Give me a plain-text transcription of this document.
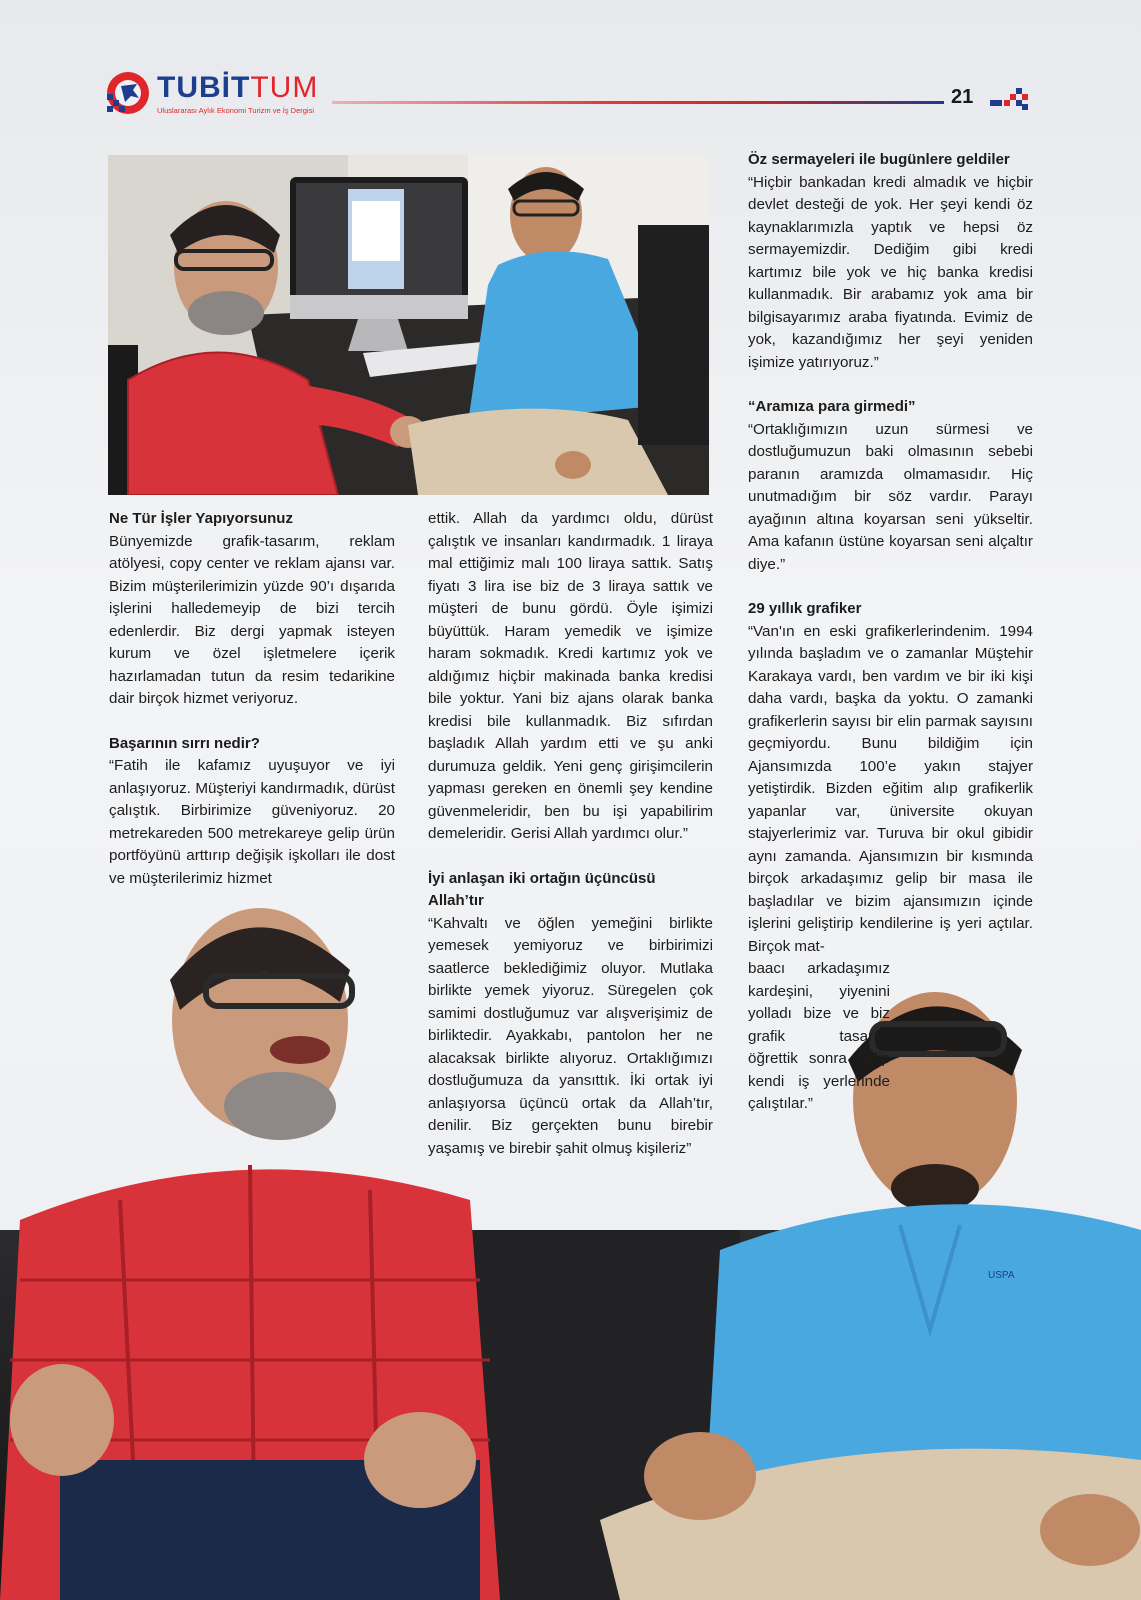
TUBİTTUM
Uluslararası Aylık Ekonomi Turizm ve İş Dergisi
21
USPA
Ne Tür İşler Yapıyorsunuz

Bünyemizde grafik-tasarım, reklam atölyesi, copy center ve reklam ajansı var. Bizim müşterilerimizin yüzde 90’ı dışarıda işlerini halledemeyip de bizi tercih edenlerdir. Biz dergi yapmak isteyen kurum ve özel işletmelere içerik hazırlamadan tutun da resim tedarikine dair birçok hizmet veriyoruz.

Başarının sırrı nedir?

“Fatih ile kafamız uyuşuyor ve iyi anlaşıyoruz. Müşteriyi kandırmadık, dürüst çalıştık. Birbirimize güveniyoruz. 20 metrekareden 500 metrekareye gelip ürün portföyünü arttırıp değişik işkolları ile dost ve müşterilerimiz hizmet

ettik. Allah da yardımcı oldu, dürüst çalıştık ve insanları kandırmadık. 1 liraya mal ettiğimiz malı 100 liraya sattık. Satış fiyatı 3 lira ise biz de 3 liraya sattık ve müşteri de bunu gördü. Öyle işimizi büyüttük. Haram yemedik ve işimize haram sokmadık. Kredi kartımız yok ve aldığımız hiçbir makinada banka kredisi bile yoktur. Yani biz ajans olarak banka kredisi bile kullanmadık. Biz sıfırdan başladık Allah yardım etti ve şu anki durumuza geldik. Yeni genç girişimcilerin yapması gereken en önemli şey kendine güvenmeleridir, ben bu işi yapabilirim demeleridir. Gerisi Allah yardımcı olur.”

İyi anlaşan iki ortağın üçüncüsü Allah’tır

“Kahvaltı ve öğlen yemeğini birlikte yemesek yemiyoruz ve birbirimizi saatlerce beklediğimiz oluyor. Mutlaka birlikte yemek yiyoruz. Süregelen çok samimi dostluğumuz var alışverişimiz de birliktedir. Ayakkabı, pantolon her ne alacaksak birlikte alıyoruz. Ortaklığımızı dostluğumuza da yansıttık. İki ortak iyi anlaşıyorsa üçüncü ortak da Allah’tır, denilir. Biz gerçekten bunu birebir yaşamış ve birebir şahit olmuş kişileriz”

Öz sermayeleri ile bugünlere geldiler

“Hiçbir bankadan kredi almadık ve hiçbir devlet desteği de yok. Her şeyi kendi öz kaynaklarımızla yaptık ve hepsi öz sermayemizdir. Dediğim gibi kredi kartımız bile yok ve hiç banka kredisi kullanmadık. Bir arabamız yok ama bir bilgisayarımız araba fiyatında. Evimiz de yok, kazandığımız her şeyi yeniden işimize yatırıyoruz.”

“Aramıza para girmedi”

“Ortaklığımızın uzun sürmesi ve dostluğumuzun baki olmasının sebebi paranın aramızda olmamasıdır. Hiç unutmadığım bir söz vardır. Parayı ayağının altına koyarsan seni yükseltir. Ama kafanın üstüne koyarsan seni alçaltır diye.”

29 yıllık grafiker

“Van'ın en eski grafikerlerindenim. 1994 yılında başladım ve o zamanlar Müştehir Karakaya vardı, ben vardım ve bir iki kişi daha vardı, başka da yoktu. O zamanki grafikerlerin sayısı bir elin parmak sayısını geçmiyordu. Bunu bildiğim için Ajansımızda 100’e yakın stajyer yetiştirdik. Bizden eğitim alıp grafikerlik yapanlar var, üniversite okuyan stajyerlerimiz var. Turuva bir okul gibidir aynı zamanda. Ajansımızın bir kısmında birçok arkadaşımız gelip bir masa ile başladılar ve bizim ajansımızın içinde işlerini geliştirip kendilerine iş yeri açtılar. Birçok mat-

baacı arkadaşımız kardeşini, yiyenini yolladı bize ve biz grafik tasarım öğrettik sonra gidip kendi iş yerlerinde çalıştılar.”
